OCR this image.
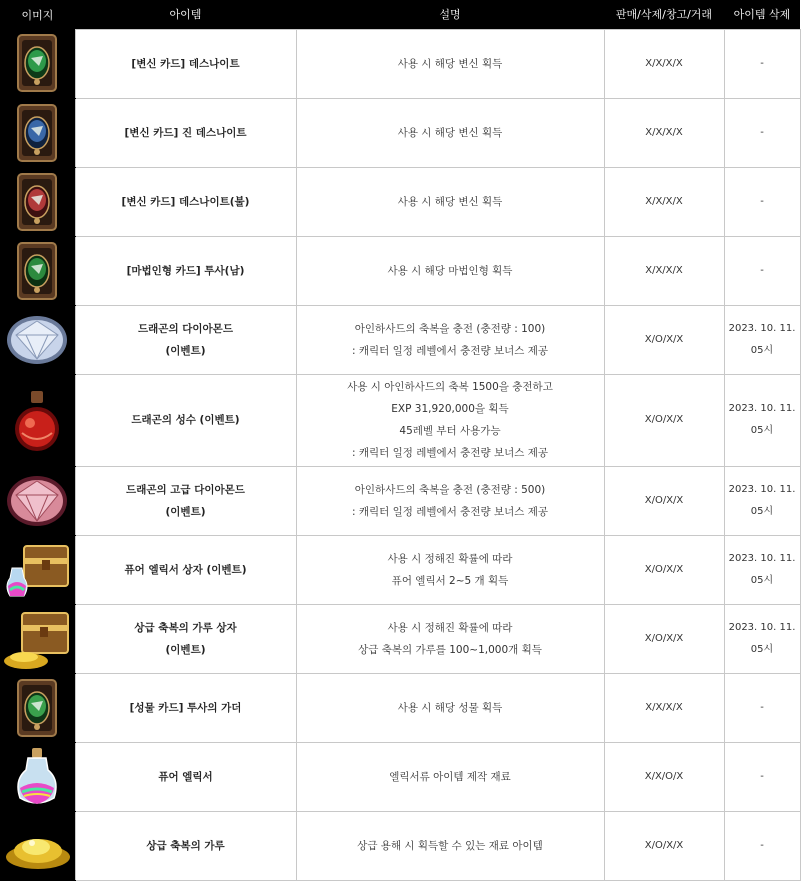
이미지	아이템	설명	판매/삭제/창고/거래	아이템 삭제

[변신 카드] 데스나이트	사용 시 해당 변신 획득	X/X/X/X	-

[변신 카드] 진 데스나이트	사용 시 해당 변신 획득	X/X/X/X	-

[변신 카드] 데스나이트(불)	사용 시 해당 변신 획득	X/X/X/X	-

[마법인형 카드] 투사(남)	사용 시 해당 마법인형 획득	X/X/X/X	-

드래곤의 다이아몬드
(이벤트)	아인하사드의 축복을 충전 (충전량 : 100)
: 캐릭터 일정 레벨에서 충전량 보너스 제공	X/O/X/X	2023. 10. 11.
05시

드래곤의 성수 (이벤트)	사용 시 아인하사드의 축복 1500을 충전하고
EXP 31,920,000을 획득
45레벨 부터 사용가능
: 캐릭터 일정 레벨에서 충전량 보너스 제공	X/O/X/X	2023. 10. 11.
05시

드래곤의 고급 다이아몬드
(이벤트)	아인하사드의 축복을 충전 (충전량 : 500)
: 캐릭터 일정 레벨에서 충전량 보너스 제공	X/O/X/X	2023. 10. 11.
05시

퓨어 엘릭서 상자 (이벤트)	사용 시 정해진 확률에 따라
퓨어 엘릭서 2~5 개 획득	X/O/X/X	2023. 10. 11.
05시

상급 축복의 가루 상자
(이벤트)	사용 시 정해진 확률에 따라
상급 축복의 가루를 100~1,000개 획득	X/O/X/X	2023. 10. 11.
05시

[성물 카드] 투사의 가더	사용 시 해당 성물 획득	X/X/X/X	-

퓨어 엘릭서	엘릭서류 아이템 제작 재료	X/X/O/X	-

상급 축복의 가루	상급 용해 시 획득할 수 있는 재료 아이템	X/O/X/X	-
